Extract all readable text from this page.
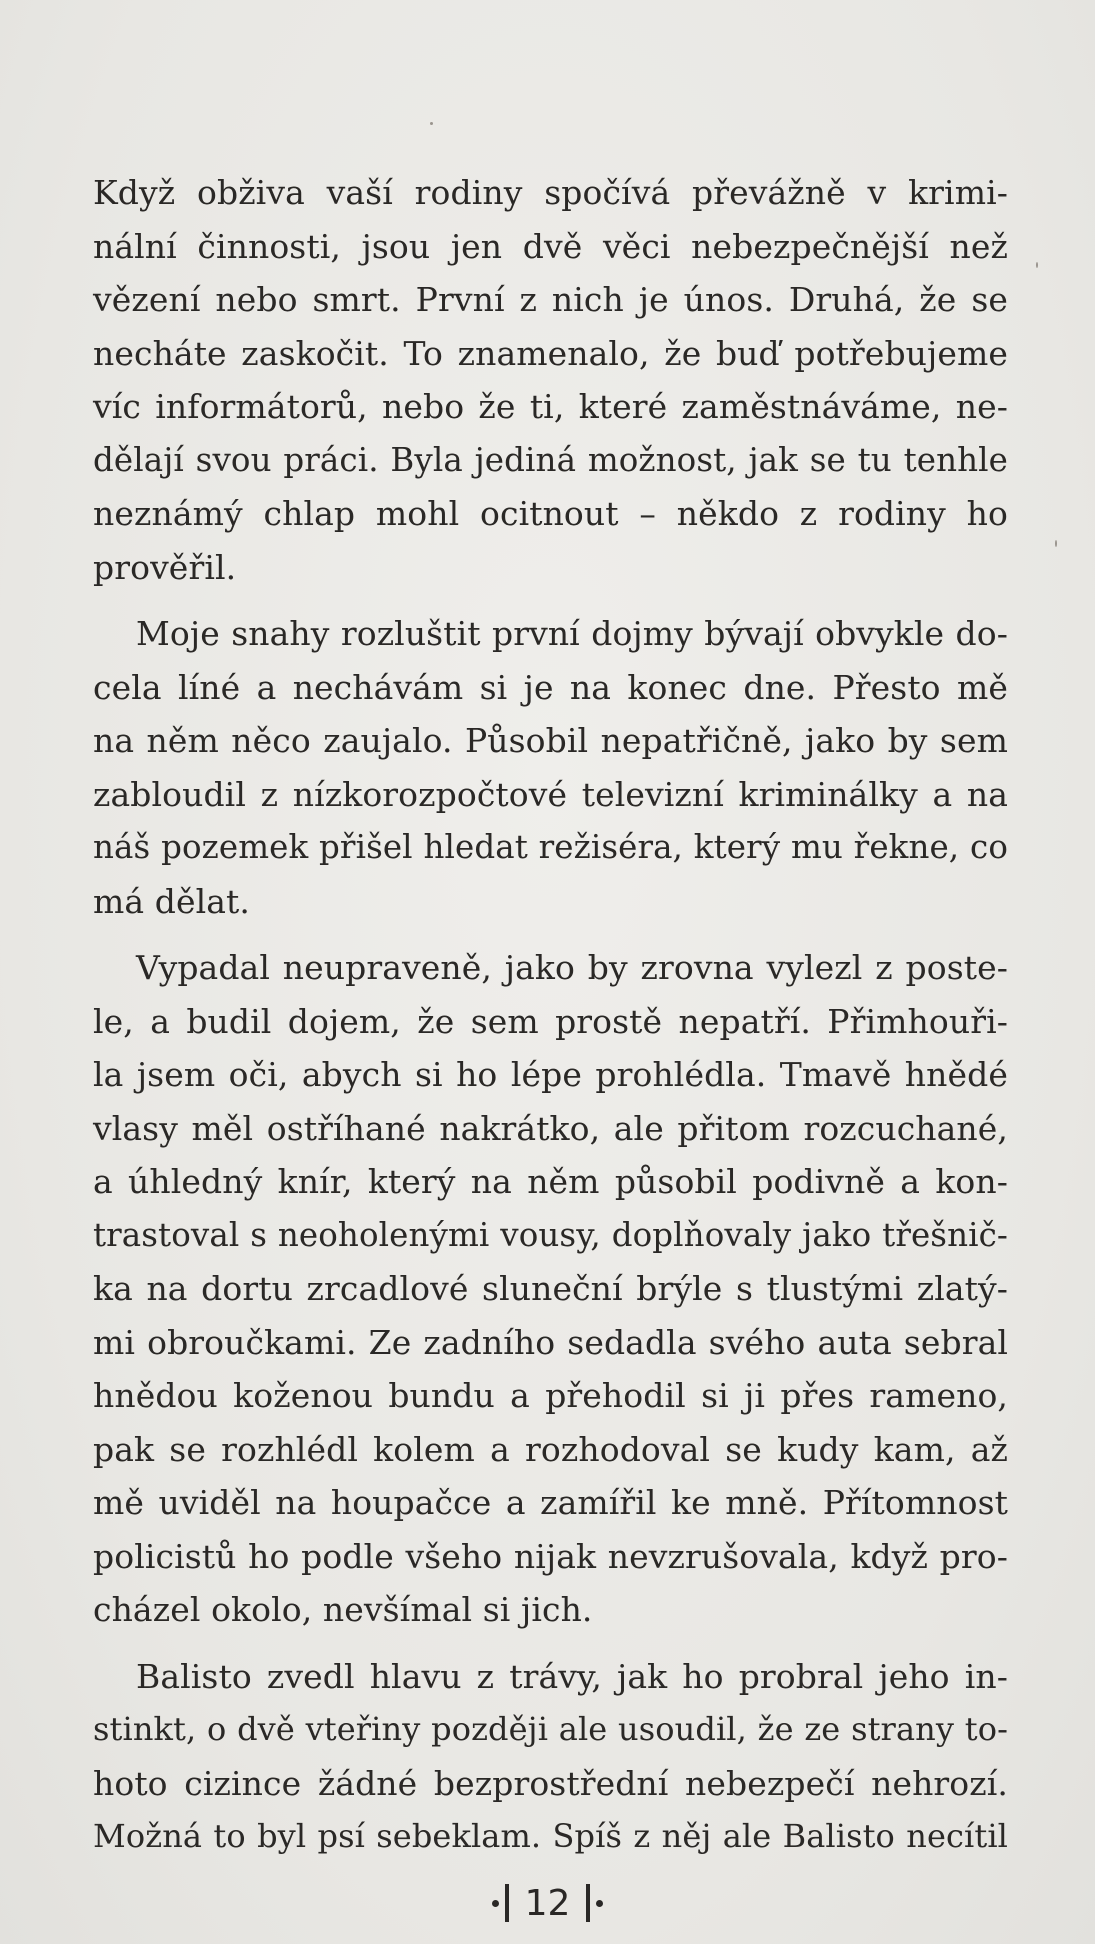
Když obživa vaší rodiny spočívá převážně v krimi-
nální činnosti, jsou jen dvě věci nebezpečnější než
vězení nebo smrt. První z nich je únos. Druhá, že se
necháte zaskočit. To znamenalo, že buď potřebujeme
víc informátorů, nebo že ti, které zaměstnáváme, ne-
dělají svou práci. Byla jediná možnost, jak se tu tenhle
neznámý chlap mohl ocitnout – někdo z rodiny ho
prověřil.

Moje snahy rozluštit první dojmy bývají obvykle do-
cela líné a nechávám si je na konec dne. Přesto mě
na něm něco zaujalo. Působil nepatřičně, jako by sem
zabloudil z nízkorozpočtové televizní kriminálky a na
náš pozemek přišel hledat režiséra, který mu řekne, co
má dělat.

Vypadal neupraveně, jako by zrovna vylezl z poste-
le, a budil dojem, že sem prostě nepatří. Přimhouři-
la jsem oči, abych si ho lépe prohlédla. Tmavě hnědé
vlasy měl ostříhané nakrátko, ale přitom rozcuchané,
a úhledný knír, který na něm působil podivně a kon-
trastoval s neoholenými vousy, doplňovaly jako třešnič-
ka na dortu zrcadlové sluneční brýle s tlustými zlatý-
mi obroučkami. Ze zadního sedadla svého auta sebral
hnědou koženou bundu a přehodil si ji přes rameno,
pak se rozhlédl kolem a rozhodoval se kudy kam, až
mě uviděl na houpačce a zamířil ke mně. Přítomnost
policistů ho podle všeho nijak nevzrušovala, když pro-
cházel okolo, nevšímal si jich.

Balisto zvedl hlavu z trávy, jak ho probral jeho in-
stinkt, o dvě vteřiny později ale usoudil, že ze strany to-
hoto cizince žádné bezprostřední nebezpečí nehrozí.
Možná to byl psí sebeklam. Spíš z něj ale Balisto necítil

12
